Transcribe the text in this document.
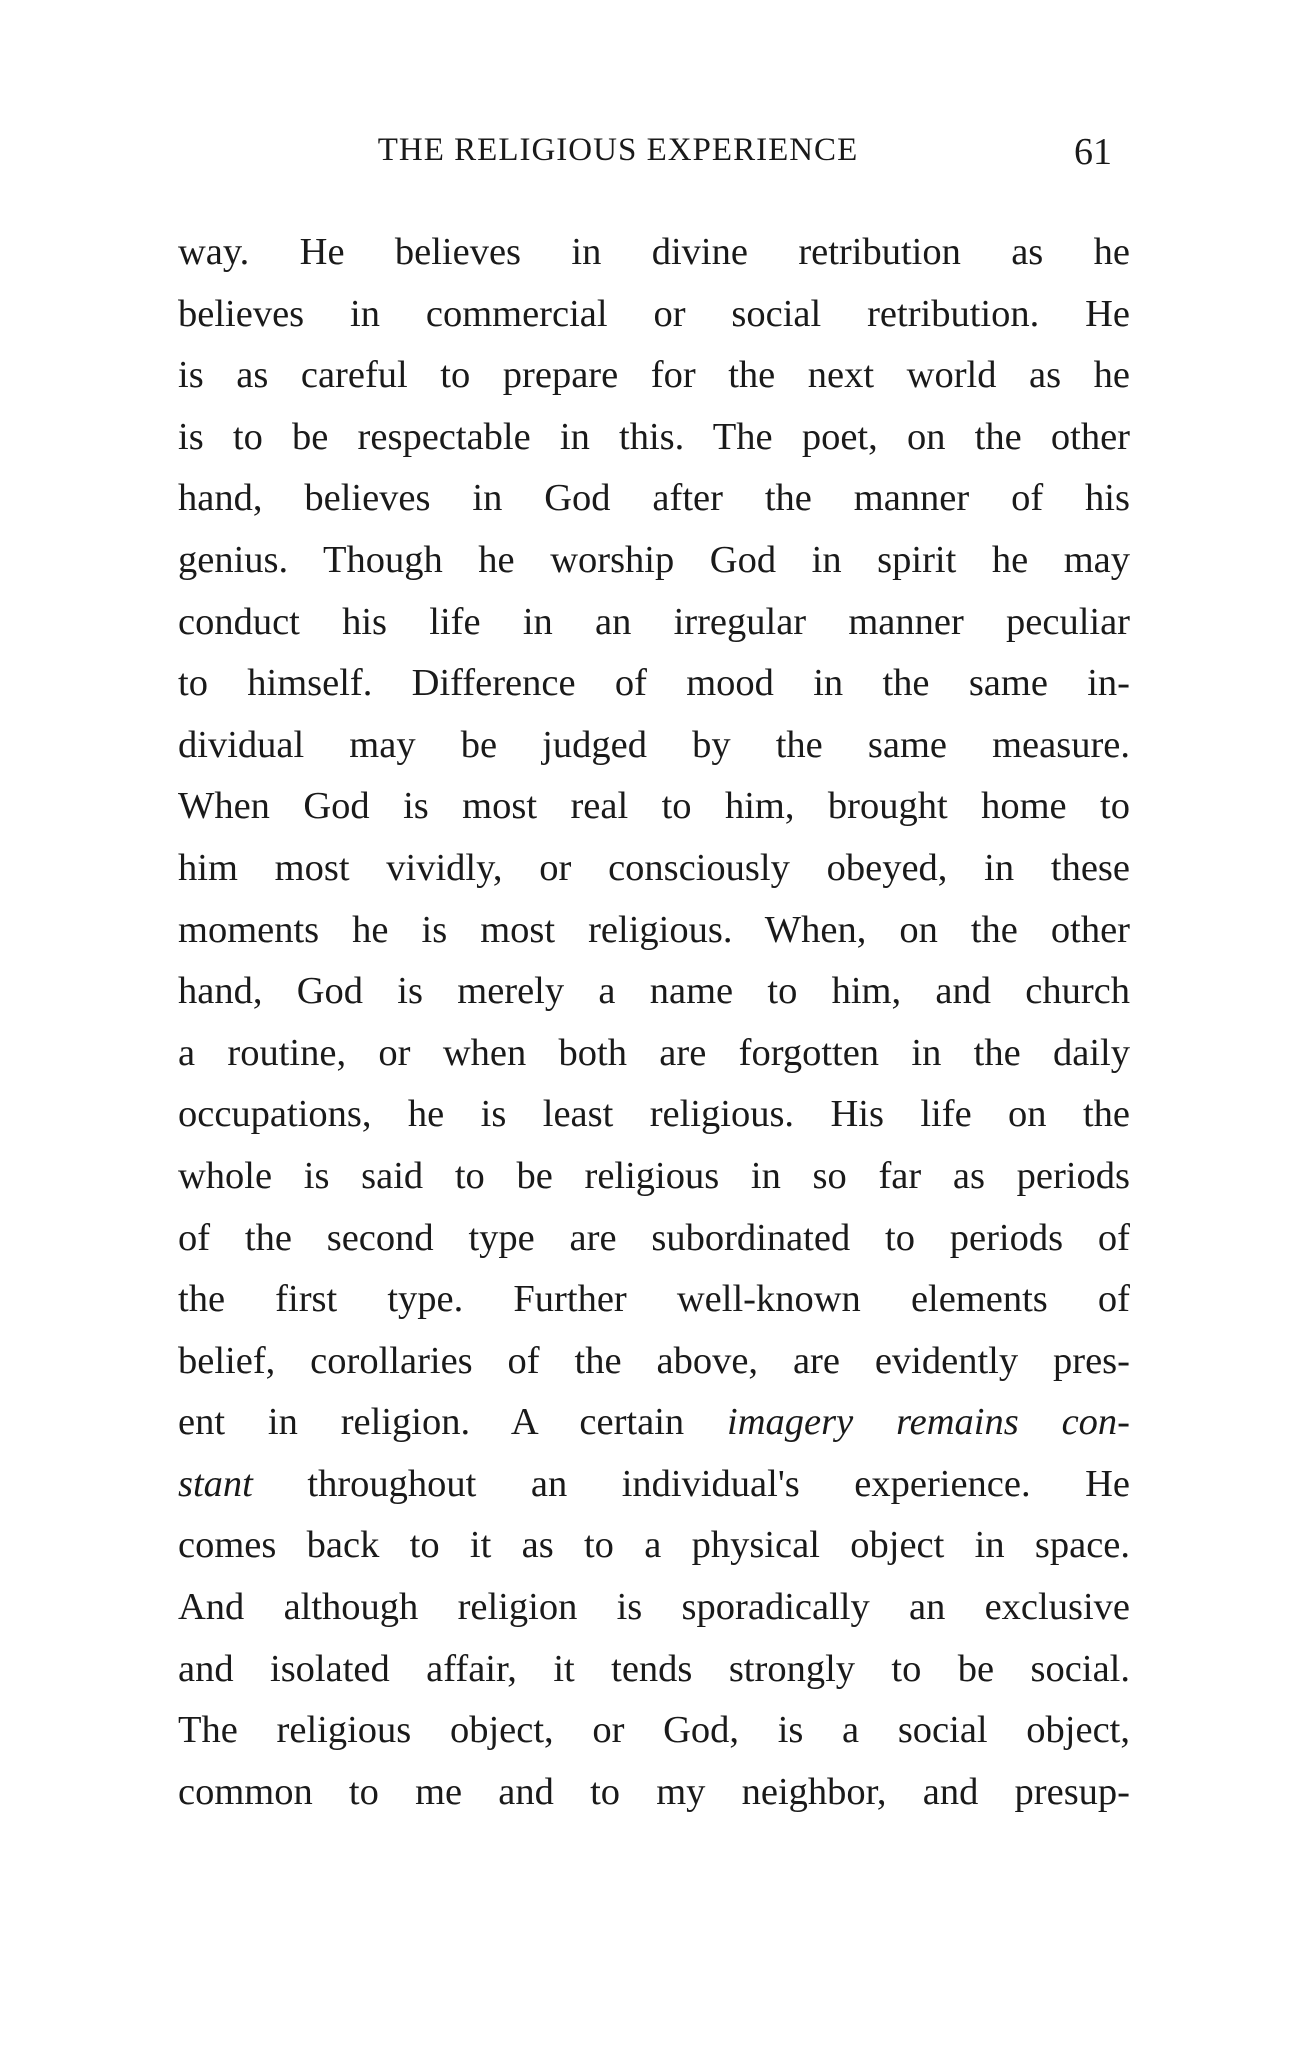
THE RELIGIOUS EXPERIENCE	61
way. He believes in divine retribution as he
believes in commercial or social retribution. He
is as careful to prepare for the next world as he
is to be respectable in this. The poet, on the other
hand, believes in God after the manner of his
genius. Though he worship God in spirit he may
conduct his life in an irregular manner peculiar
to himself. Difference of mood in the same in-
dividual may be judged by the same measure.
When God is most real to him, brought home to
him most vividly, or consciously obeyed, in these
moments he is most religious. When, on the other
hand, God is merely a name to him, and church
a routine, or when both are forgotten in the daily
occupations, he is least religious. His life on the
whole is said to be religious in so far as periods
of the second type are subordinated to periods of
the first type. Further well-known elements of
belief, corollaries of the above, are evidently pres-
ent in religion. A certain imagery remains con-
stant throughout an individual's experience. He
comes back to it as to a physical object in space.
And although religion is sporadically an exclusive
and isolated affair, it tends strongly to be social.
The religious object, or God, is a social object,
common to me and to my neighbor, and presup-
